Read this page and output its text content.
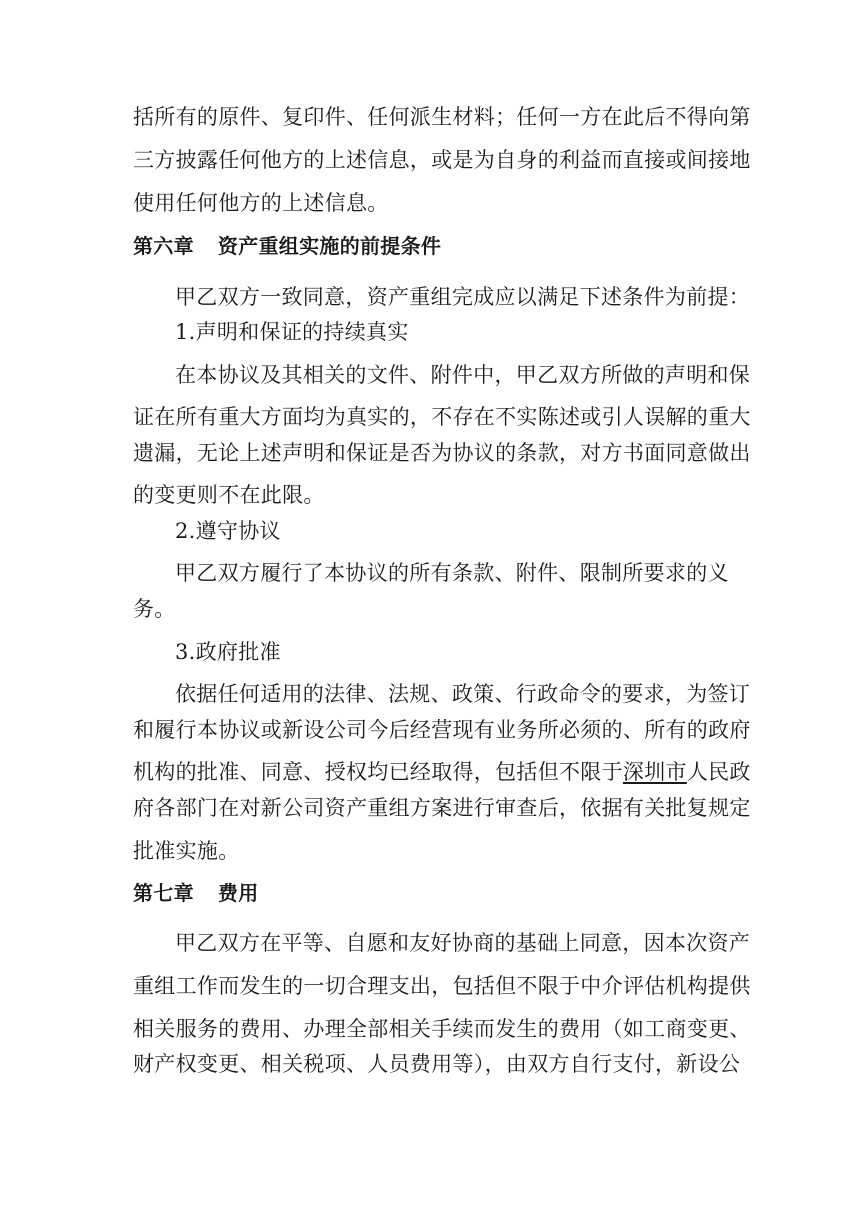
括所有的原件、复印件、任何派生材料；任何一方在此后不得向第
三方披露任何他方的上述信息，或是为自身的利益而直接或间接地
使用任何他方的上述信息。
第六章 资产重组实施的前提条件
甲乙双方一致同意，资产重组完成应以满足下述条件为前提：
1.声明和保证的持续真实
在本协议及其相关的文件、附件中，甲乙双方所做的声明和保
证在所有重大方面均为真实的，不存在不实陈述或引人误解的重大
遗漏，无论上述声明和保证是否为协议的条款，对方书面同意做出
的变更则不在此限。
2.遵守协议
甲乙双方履行了本协议的所有条款、附件、限制所要求的义
务。
3.政府批准
依据任何适用的法律、法规、政策、行政命令的要求，为签订
和履行本协议或新设公司今后经营现有业务所必须的、所有的政府
机构的批准、同意、授权均已经取得，包括但不限于深圳市人民政
府各部门在对新公司资产重组方案进行审查后，依据有关批复规定
批准实施。
第七章 费用
甲乙双方在平等、自愿和友好协商的基础上同意，因本次资产
重组工作而发生的一切合理支出，包括但不限于中介评估机构提供
相关服务的费用、办理全部相关手续而发生的费用（如工商变更、
财产权变更、相关税项、人员费用等），由双方自行支付，新设公
